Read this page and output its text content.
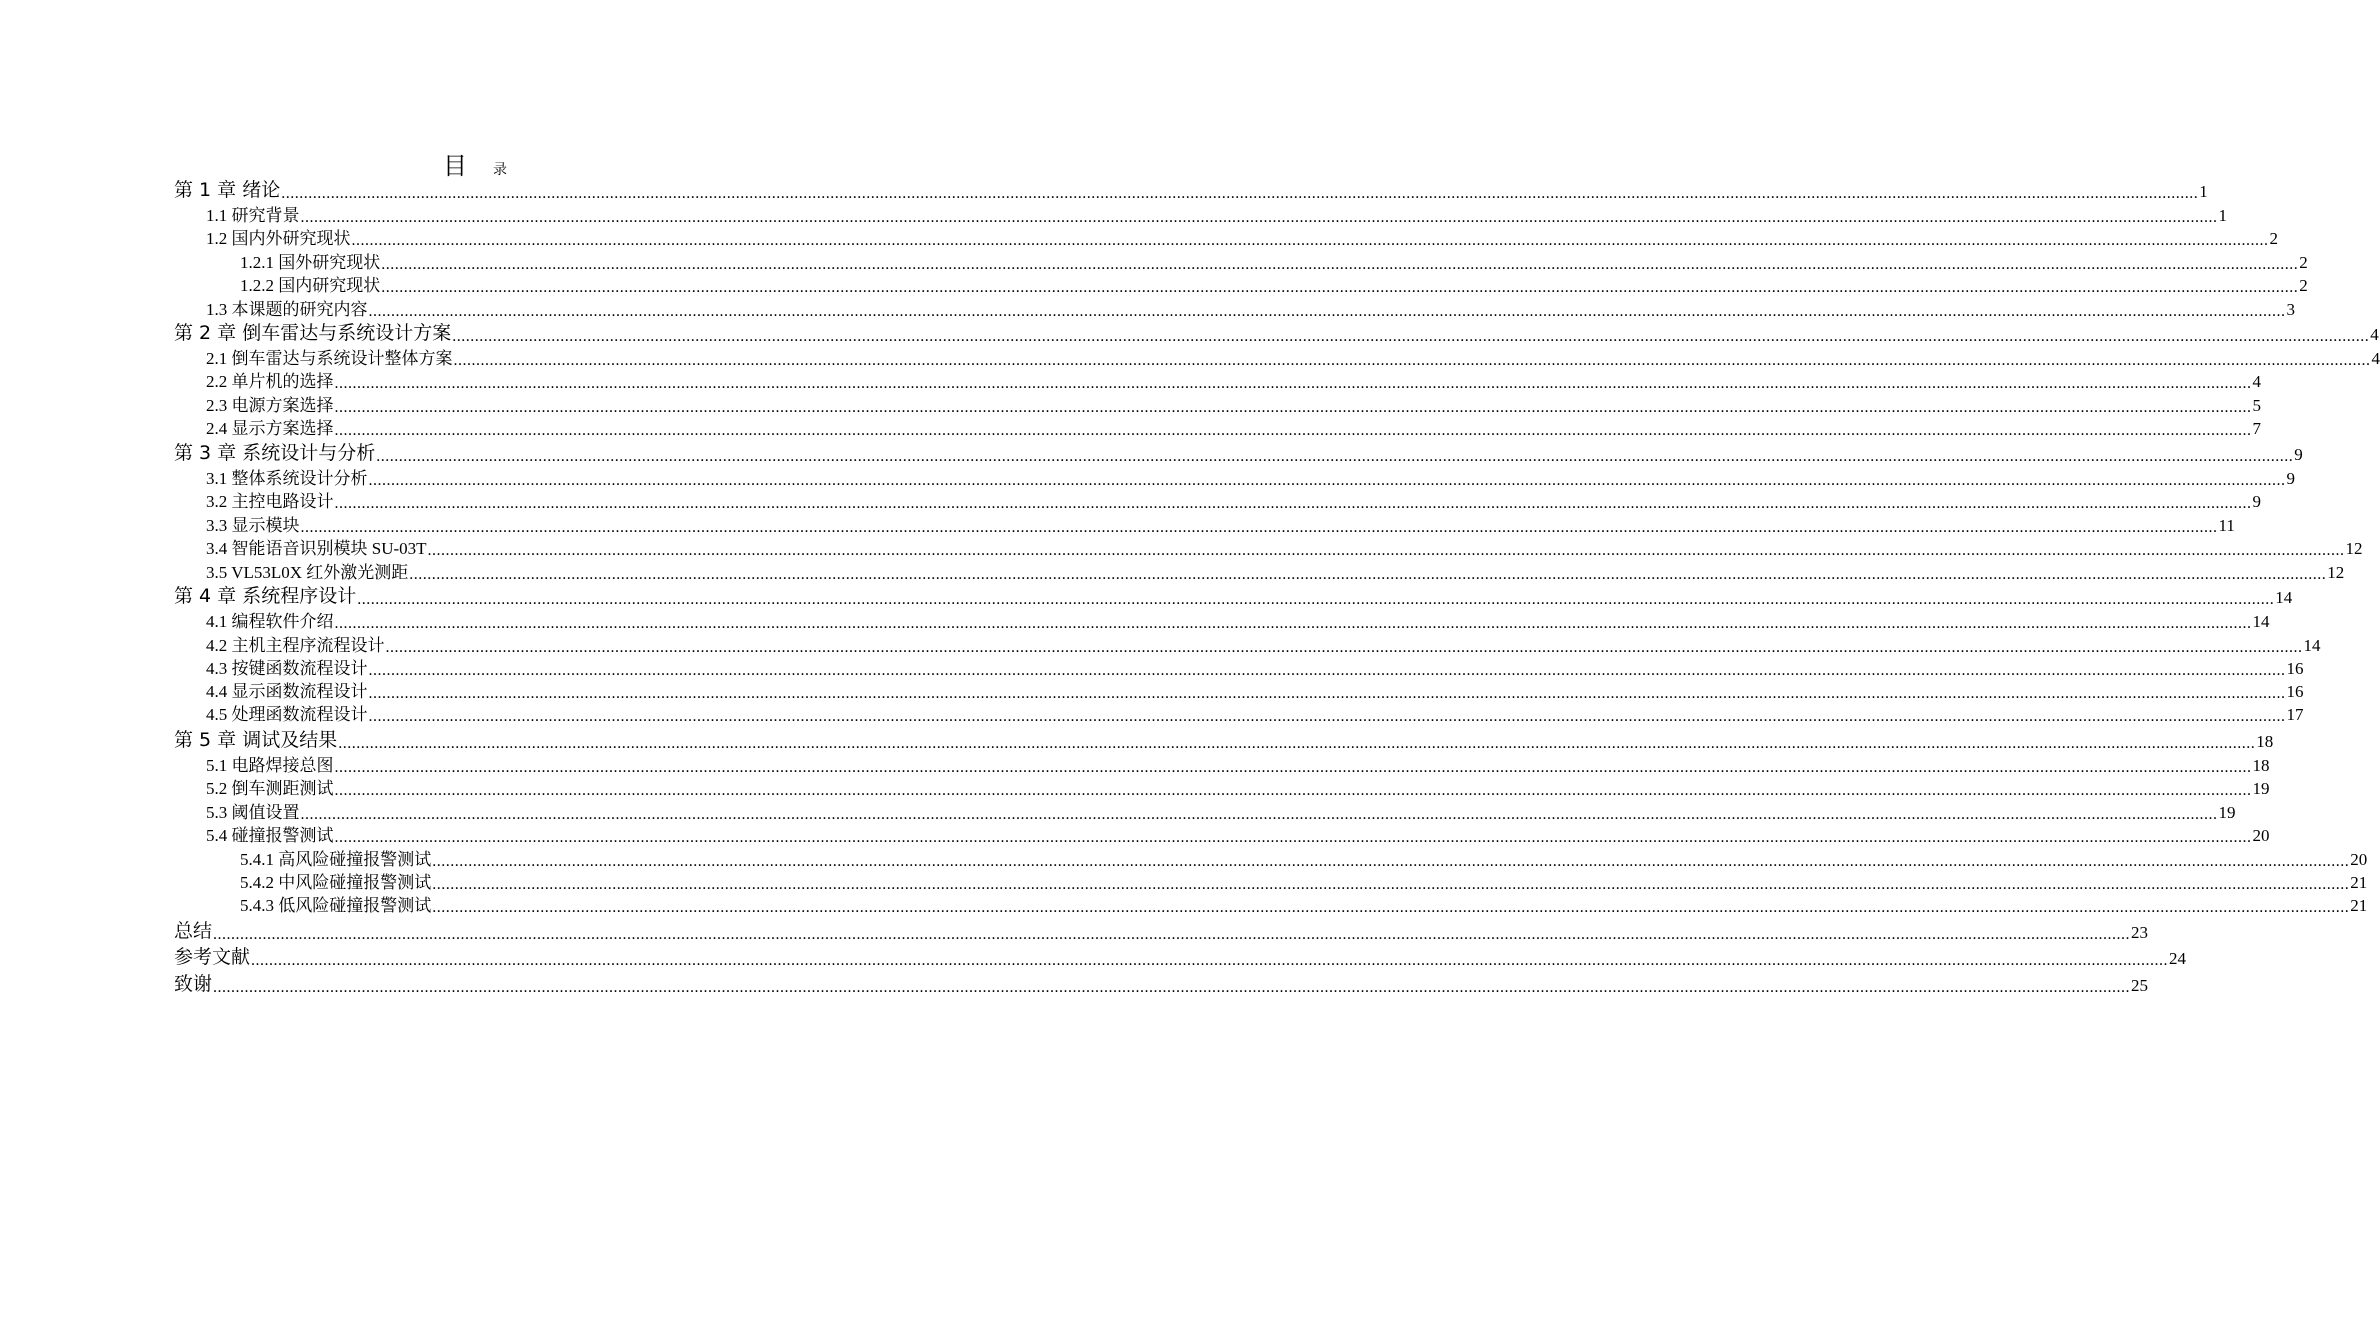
目 录
第 1 章 绪论 .......................................................................................................................................................................................................................................................................................................................................................................................................................................... 1
1.1 研究背景 .......................................................................................................................................................................................................................................................................................................................................................................................................................................... 1
1.2 国内外研究现状 .......................................................................................................................................................................................................................................................................................................................................................................................................................................... 2
1.2.1 国外研究现状 .......................................................................................................................................................................................................................................................................................................................................................................................................................................... 2
1.2.2 国内研究现状 .......................................................................................................................................................................................................................................................................................................................................................................................................................................... 2
1.3 本课题的研究内容 .......................................................................................................................................................................................................................................................................................................................................................................................................................................... 3
第 2 章 倒车雷达与系统设计方案 .......................................................................................................................................................................................................................................................................................................................................................................................................................................... 4
2.1 倒车雷达与系统设计整体方案 .......................................................................................................................................................................................................................................................................................................................................................................................................................................... 4
2.2 单片机的选择 .......................................................................................................................................................................................................................................................................................................................................................................................................................................... 4
2.3 电源方案选择 .......................................................................................................................................................................................................................................................................................................................................................................................................................................... 5
2.4 显示方案选择 .......................................................................................................................................................................................................................................................................................................................................................................................................................................... 7
第 3 章 系统设计与分析 .......................................................................................................................................................................................................................................................................................................................................................................................................................................... 9
3.1 整体系统设计分析 .......................................................................................................................................................................................................................................................................................................................................................................................................................................... 9
3.2 主控电路设计 .......................................................................................................................................................................................................................................................................................................................................................................................................................................... 9
3.3 显示模块 .......................................................................................................................................................................................................................................................................................................................................................................................................................................... 11
3.4 智能语音识别模块 SU-03T .......................................................................................................................................................................................................................................................................................................................................................................................................................................... 12
3.5 VL53L0X 红外激光测距 .......................................................................................................................................................................................................................................................................................................................................................................................................................................... 12
第 4 章 系统程序设计 .......................................................................................................................................................................................................................................................................................................................................................................................................................................... 14
4.1 编程软件介绍 .......................................................................................................................................................................................................................................................................................................................................................................................................................................... 14
4.2 主机主程序流程设计 .......................................................................................................................................................................................................................................................................................................................................................................................................................................... 14
4.3 按键函数流程设计 .......................................................................................................................................................................................................................................................................................................................................................................................................................................... 16
4.4 显示函数流程设计 .......................................................................................................................................................................................................................................................................................................................................................................................................................................... 16
4.5 处理函数流程设计 .......................................................................................................................................................................................................................................................................................................................................................................................................................................... 17
第 5 章 调试及结果 .......................................................................................................................................................................................................................................................................................................................................................................................................................................... 18
5.1 电路焊接总图 .......................................................................................................................................................................................................................................................................................................................................................................................................................................... 18
5.2 倒车测距测试 .......................................................................................................................................................................................................................................................................................................................................................................................................................................... 19
5.3 阈值设置 .......................................................................................................................................................................................................................................................................................................................................................................................................................................... 19
5.4 碰撞报警测试 .......................................................................................................................................................................................................................................................................................................................................................................................................................................... 20
5.4.1 高风险碰撞报警测试 .......................................................................................................................................................................................................................................................................................................................................................................................................................................... 20
5.4.2 中风险碰撞报警测试 .......................................................................................................................................................................................................................................................................................................................................................................................................................................... 21
5.4.3 低风险碰撞报警测试 .......................................................................................................................................................................................................................................................................................................................................................................................................................................... 21
总结 .......................................................................................................................................................................................................................................................................................................................................................................................................................................... 23
参考文献 .......................................................................................................................................................................................................................................................................................................................................................................................................................................... 24
致谢 .......................................................................................................................................................................................................................................................................................................................................................................................................................................... 25
